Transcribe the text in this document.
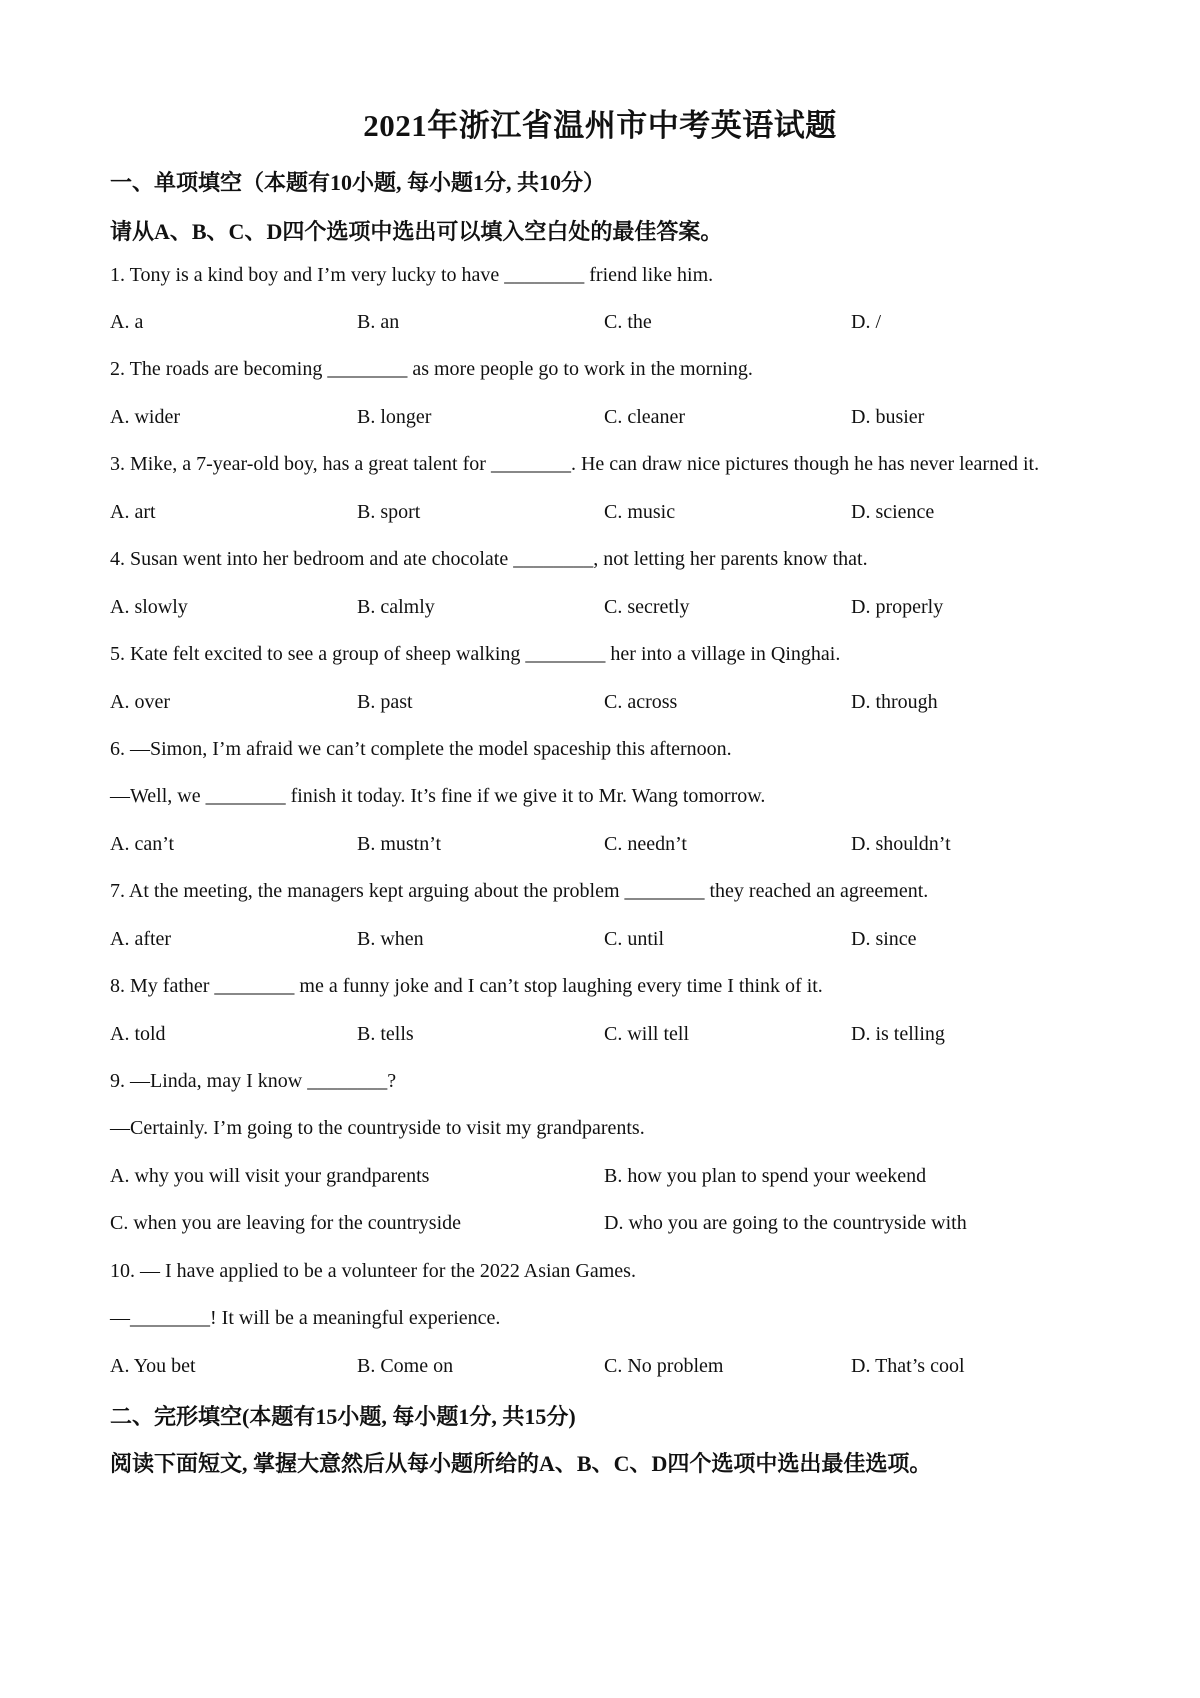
2021年浙江省温州市中考英语试题
一、单项填空（本题有10小题, 每小题1分, 共10分）
请从A、B、C、D四个选项中选出可以填入空白处的最佳答案。
1. Tony is a kind boy and I’m very lucky to have ________ friend like him.
A. a	B. an	C. the	D. /
2. The roads are becoming ________ as more people go to work in the morning.
A. wider	B. longer	C. cleaner	D. busier
3. Mike, a 7-year-old boy, has a great talent for ________. He can draw nice pictures though he has never learned it.
A. art	B. sport	C. music	D. science
4. Susan went into her bedroom and ate chocolate ________, not letting her parents know that.
A. slowly	B. calmly	C. secretly	D. properly
5. Kate felt excited to see a group of sheep walking ________ her into a village in Qinghai.
A. over	B. past	C. across	D. through
6. —Simon, I’m afraid we can’t complete the model spaceship this afternoon.
—Well, we ________ finish it today. It’s fine if we give it to Mr. Wang tomorrow.
A. can’t	B. mustn’t	C. needn’t	D. shouldn’t
7. At the meeting, the managers kept arguing about the problem ________ they reached an agreement.
A. after	B. when	C. until	D. since
8. My father ________ me a funny joke and I can’t stop laughing every time I think of it.
A. told	B. tells	C. will tell	D. is telling
9. —Linda, may I know ________?
—Certainly. I’m going to the countryside to visit my grandparents.
A. why you will visit your grandparents	B. how you plan to spend your weekend
C. when you are leaving for the countryside	D. who you are going to the countryside with
10. — I have applied to be a volunteer for the 2022 Asian Games.
—________! It will be a meaningful experience.
A. You bet	B. Come on	C. No problem	D. That’s cool
二、完形填空(本题有15小题, 每小题1分, 共15分)
阅读下面短文, 掌握大意然后从每小题所给的A、B、C、D四个选项中选出最佳选项。
